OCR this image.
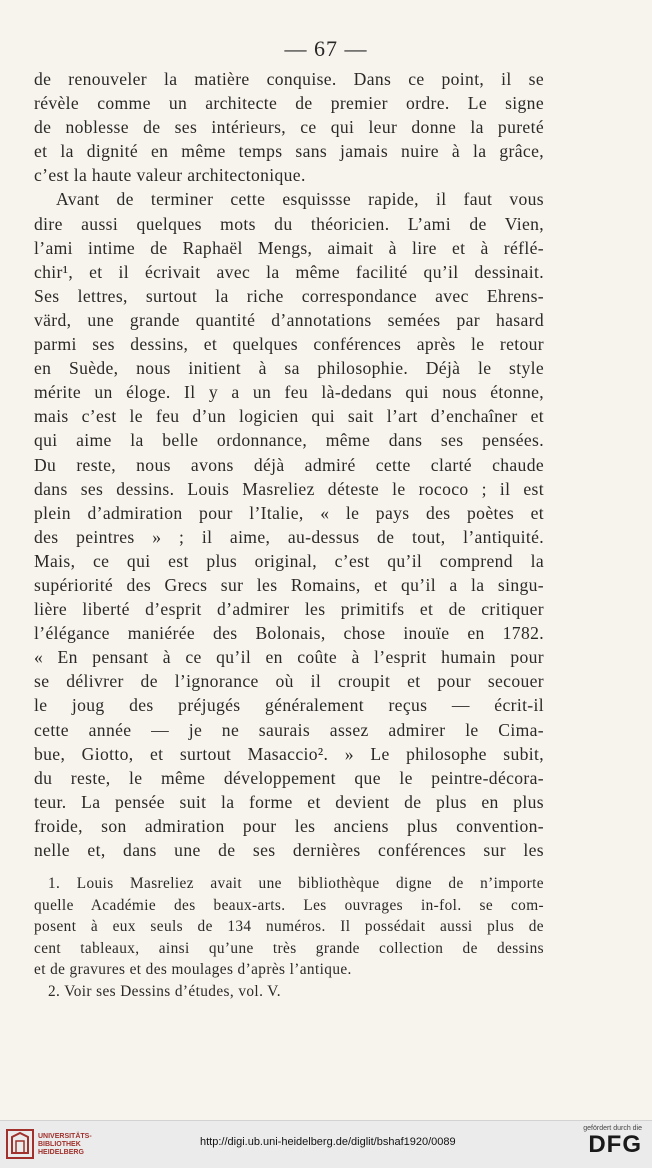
— 67 —
de renouveler la matière conquise. Dans ce point, il se
révèle comme un architecte de premier ordre. Le signe
de noblesse de ses intérieurs, ce qui leur donne la pureté
et la dignité en même temps sans jamais nuire à la grâce,
c’est la haute valeur architectonique.
Avant de terminer cette esquissse rapide, il faut vous
dire aussi quelques mots du théoricien. L’ami de Vien,
l’ami intime de Raphaël Mengs, aimait à lire et à réflé-
chir¹, et il écrivait avec la même facilité qu’il dessinait.
Ses lettres, surtout la riche correspondance avec Ehrens-
värd, une grande quantité d’annotations semées par hasard
parmi ses dessins, et quelques conférences après le retour
en Suède, nous initient à sa philosophie. Déjà le style
mérite un éloge. Il y a un feu là-dedans qui nous étonne,
mais c’est le feu d’un logicien qui sait l’art d’enchaîner et
qui aime la belle ordonnance, même dans ses pensées.
Du reste, nous avons déjà admiré cette clarté chaude
dans ses dessins. Louis Masreliez déteste le rococo ; il est
plein d’admiration pour l’Italie, « le pays des poètes et
des peintres » ; il aime, au-dessus de tout, l’antiquité.
Mais, ce qui est plus original, c’est qu’il comprend la
supériorité des Grecs sur les Romains, et qu’il a la singu-
lière liberté d’esprit d’admirer les primitifs et de critiquer
l’élégance maniérée des Bolonais, chose inouïe en 1782.
« En pensant à ce qu’il en coûte à l’esprit humain pour
se délivrer de l’ignorance où il croupit et pour secouer
le joug des préjugés généralement reçus — écrit-il
cette année — je ne saurais assez admirer le Cima-
bue, Giotto, et surtout Masaccio². » Le philosophe subit,
du reste, le même développement que le peintre-décora-
teur. La pensée suit la forme et devient de plus en plus
froide, son admiration pour les anciens plus convention-
nelle et, dans une de ses dernières conférences sur les
1. Louis Masreliez avait une bibliothèque digne de n’importe
quelle Académie des beaux-arts. Les ouvrages in-fol. se com-
posent à eux seuls de 134 numéros. Il possédait aussi plus de
cent tableaux, ainsi qu’une très grande collection de dessins
et de gravures et des moulages d’après l’antique.
2. Voir ses Dessins d’études, vol. V.
UNIVERSITÄTS-
BIBLIOTHEK
HEIDELBERG
http://digi.ub.uni-heidelberg.de/diglit/bshaf1920/0089
gefördert durch die
DFG
